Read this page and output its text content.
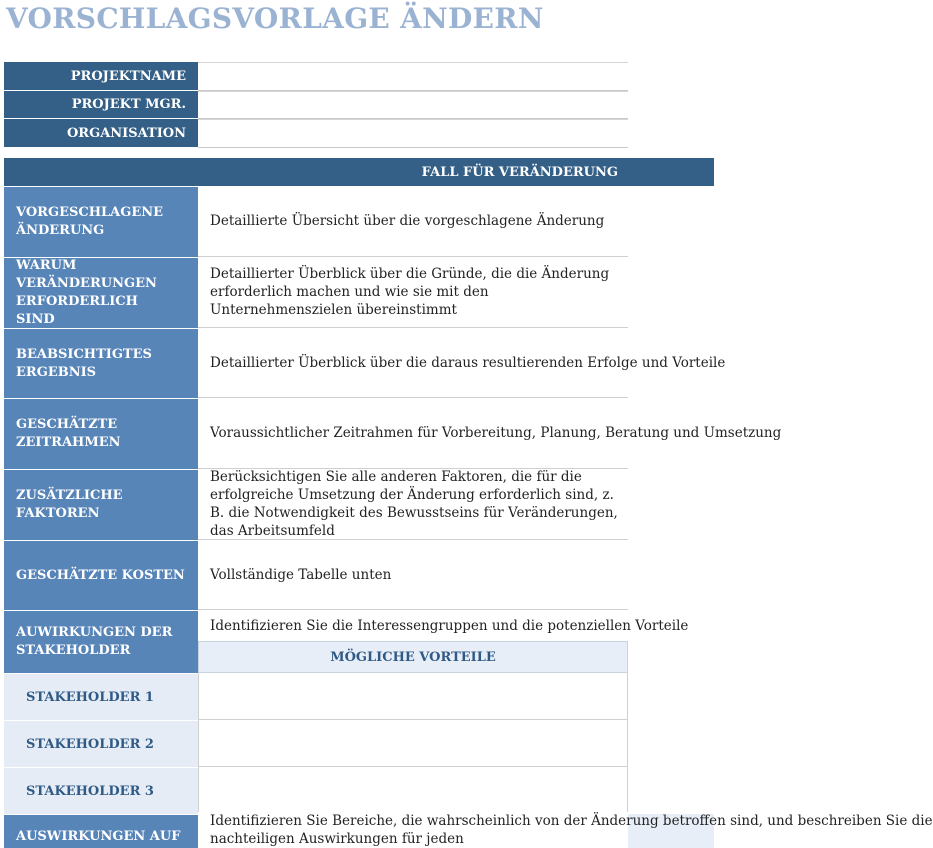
VORSCHLAGSVORLAGE ÄNDERN
PROJEKTNAME
PROJEKT MGR.
ORGANISATION
FALL FÜR VERÄNDERUNG
VORGESCHLAGENE ÄNDERUNG
Detaillierte Übersicht über die vorgeschlagene Änderung
WARUM VERÄNDERUNGEN ERFORDERLICH SIND
Detaillierter Überblick über die Gründe, die die Änderung erforderlich machen und wie sie mit den Unternehmenszielen übereinstimmt
BEABSICHTIGTES ERGEBNIS
Detaillierter Überblick über die daraus resultierenden Erfolge und Vorteile
GESCHÄTZTE ZEITRAHMEN
Voraussichtlicher Zeitrahmen für Vorbereitung, Planung, Beratung und Umsetzung
ZUSÄTZLICHE FAKTOREN
Berücksichtigen Sie alle anderen Faktoren, die für die erfolgreiche Umsetzung der Änderung erforderlich sind, z. B. die Notwendigkeit des Bewusstseins für Veränderungen, das Arbeitsumfeld
GESCHÄTZTE KOSTEN	Vollständige Tabelle unten
AUWIRKUNGEN DER STAKEHOLDER
Identifizieren Sie die Interessengruppen und die potenziellen Vorteile
MÖGLICHE VORTEILE
STAKEHOLDER 1
STAKEHOLDER 2
STAKEHOLDER 3
AUSWIRKUNGEN AUF
Identifizieren Sie Bereiche, die wahrscheinlich von der Änderung betroffen sind, und beschreiben Sie die
nachteiligen Auswirkungen für jeden
